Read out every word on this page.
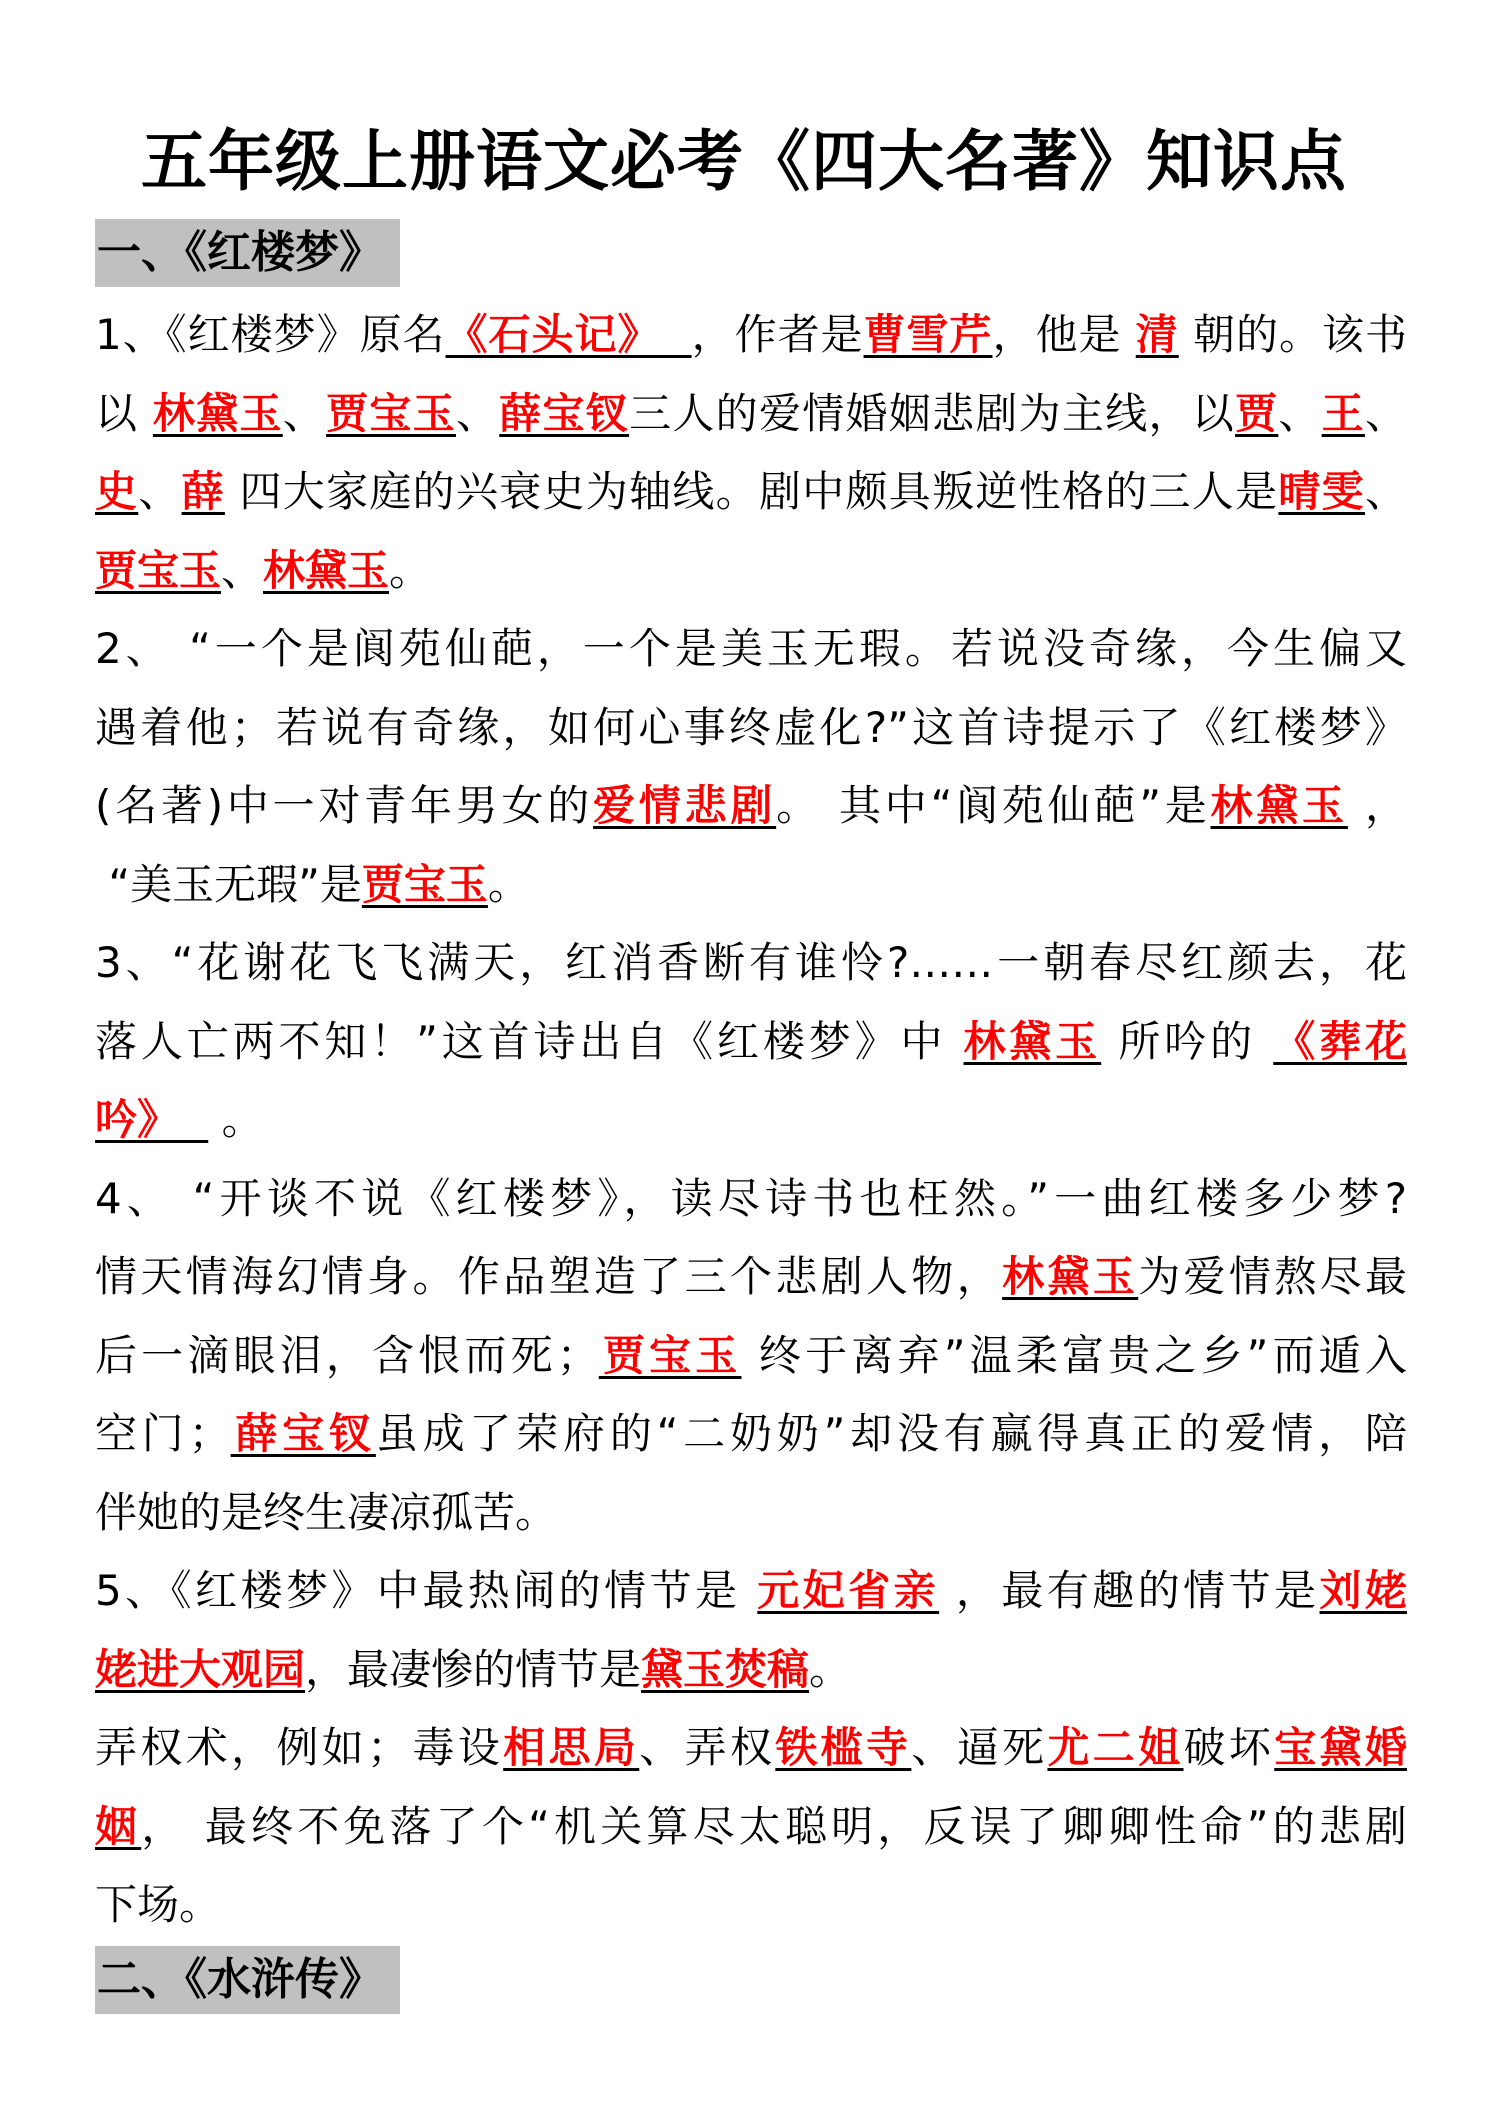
五年级上册语文必考《四大名著》知识点
一、《红楼梦》
1、《红楼梦》原名《石头记》  ，作者是曹雪芹，他是 清 朝的。该书
以 林黛玉、贾宝玉、薛宝钗三人的爱情婚姻悲剧为主线，以贾、王、
史、薛 四大家庭的兴衰史为轴线。剧中颇具叛逆性格的三人是晴雯、
贾宝玉、林黛玉。
2、 “一个是阆苑仙葩，一个是美玉无瑕。若说没奇缘，今生偏又
遇着他；若说有奇缘，如何心事终虚化?”这首诗提示了《红楼梦》
(名著)中一对青年男女的爱情悲剧。 其中“阆苑仙葩”是林黛玉 ，
“美玉无瑕”是贾宝玉。
3、“花谢花飞飞满天，红消香断有谁怜?……一朝春尽红颜去，花
落人亡两不知！”这首诗出自《红楼梦》中 林黛玉 所吟的 《葬花
吟》   。
4、 “开谈不说《红楼梦》，读尽诗书也枉然。”一曲红楼多少梦?
情天情海幻情身。作品塑造了三个悲剧人物，林黛玉为爱情熬尽最
后一滴眼泪，含恨而死；贾宝玉 终于离弃”温柔富贵之乡”而遁入
空门；薛宝钗虽成了荣府的“二奶奶”却没有赢得真正的爱情，陪
伴她的是终生凄凉孤苦。
5、《红楼梦》中最热闹的情节是 元妃省亲 ，最有趣的情节是刘姥
姥进大观园，最凄惨的情节是黛玉焚稿。
弄权术，例如；毒设相思局、弄权铁槛寺、逼死尤二姐破坏宝黛婚
姻， 最终不免落了个“机关算尽太聪明，反误了卿卿性命”的悲剧
下场。
二、《水浒传》
